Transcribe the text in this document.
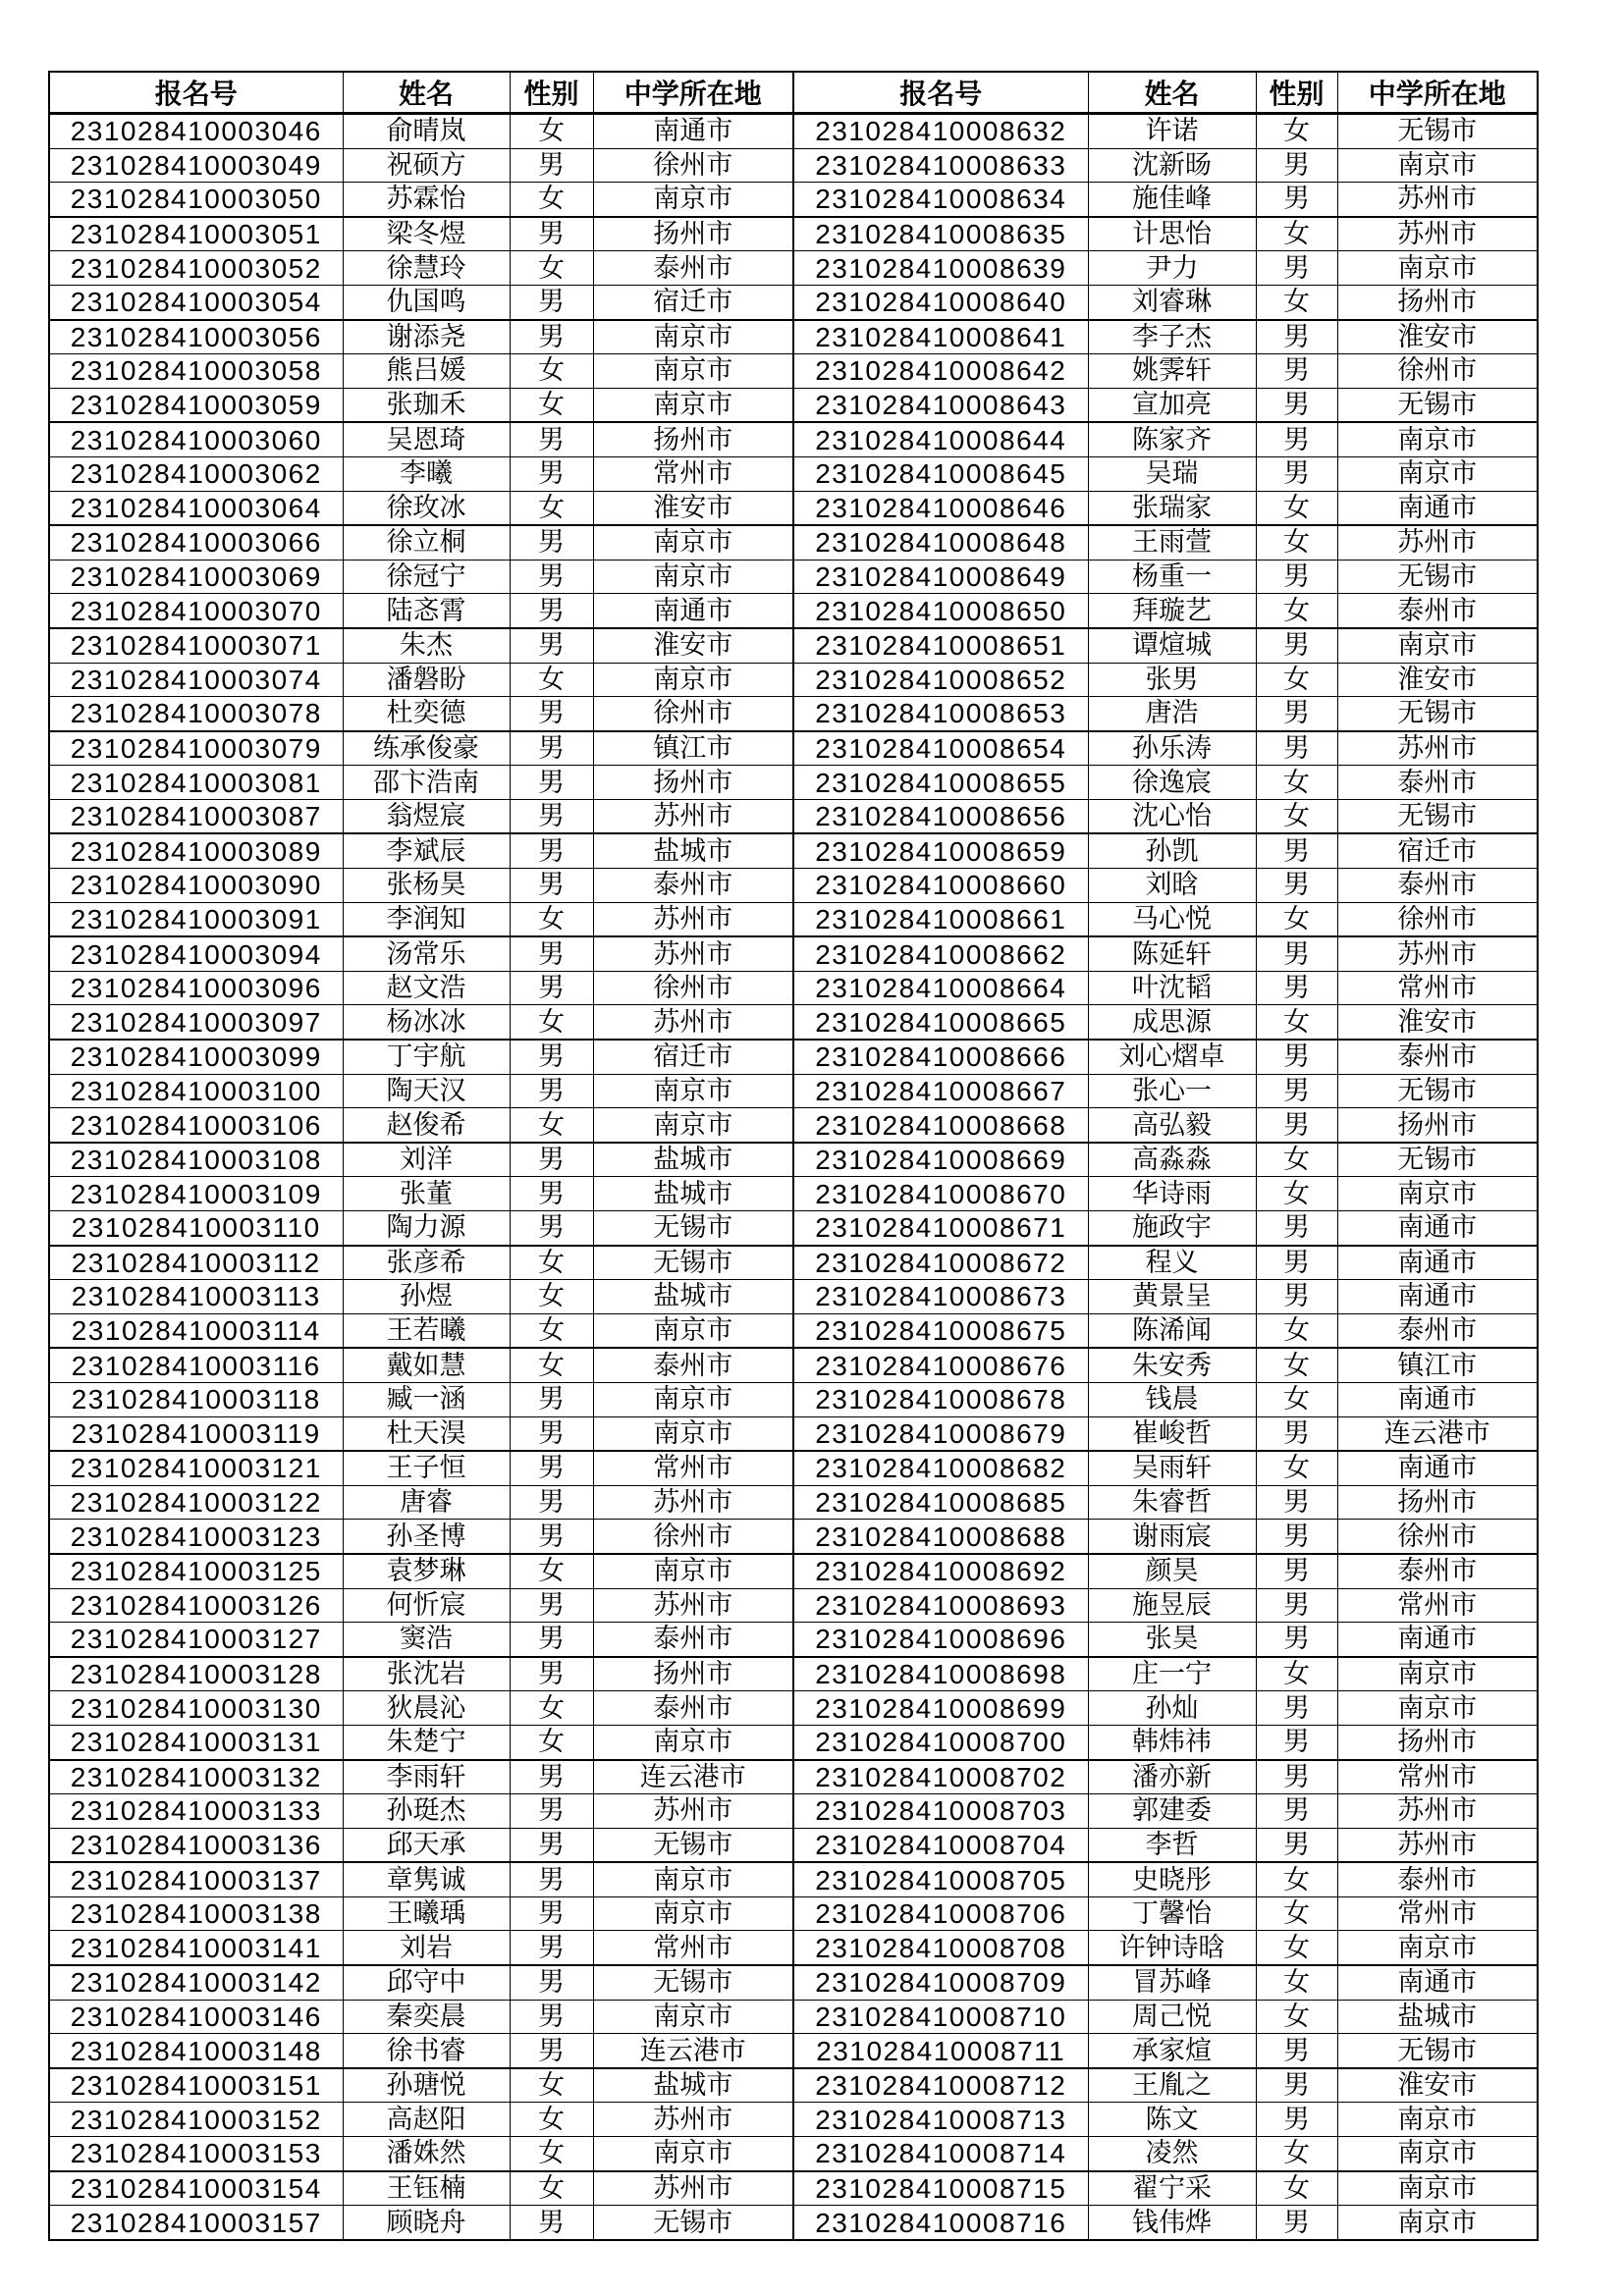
报名号	姓名	性别	中学所在地	报名号	姓名	性别	中学所在地
231028410003046	俞晴岚	女	南通市	231028410008632	许诺	女	无锡市
231028410003049	祝硕方	男	徐州市	231028410008633	沈新旸	男	南京市
231028410003050	苏霖怡	女	南京市	231028410008634	施佳峰	男	苏州市
231028410003051	梁冬煜	男	扬州市	231028410008635	计思怡	女	苏州市
231028410003052	徐慧玲	女	泰州市	231028410008639	尹力	男	南京市
231028410003054	仇国鸣	男	宿迁市	231028410008640	刘睿琳	女	扬州市
231028410003056	谢添尧	男	南京市	231028410008641	李子杰	男	淮安市
231028410003058	熊吕媛	女	南京市	231028410008642	姚霁轩	男	徐州市
231028410003059	张珈禾	女	南京市	231028410008643	宣加亮	男	无锡市
231028410003060	吴恩琦	男	扬州市	231028410008644	陈家齐	男	南京市
231028410003062	李曦	男	常州市	231028410008645	吴瑞	男	南京市
231028410003064	徐玫冰	女	淮安市	231028410008646	张瑞家	女	南通市
231028410003066	徐立桐	男	南京市	231028410008648	王雨萱	女	苏州市
231028410003069	徐冠宁	男	南京市	231028410008649	杨重一	男	无锡市
231028410003070	陆忞霄	男	南通市	231028410008650	拜璇艺	女	泰州市
231028410003071	朱杰	男	淮安市	231028410008651	谭煊城	男	南京市
231028410003074	潘磐盼	女	南京市	231028410008652	张男	女	淮安市
231028410003078	杜奕德	男	徐州市	231028410008653	唐浩	男	无锡市
231028410003079	练承俊豪	男	镇江市	231028410008654	孙乐涛	男	苏州市
231028410003081	邵卞浩南	男	扬州市	231028410008655	徐逸宸	女	泰州市
231028410003087	翁煜宸	男	苏州市	231028410008656	沈心怡	女	无锡市
231028410003089	李斌辰	男	盐城市	231028410008659	孙凯	男	宿迁市
231028410003090	张杨昊	男	泰州市	231028410008660	刘晗	男	泰州市
231028410003091	李润知	女	苏州市	231028410008661	马心悦	女	徐州市
231028410003094	汤常乐	男	苏州市	231028410008662	陈延轩	男	苏州市
231028410003096	赵文浩	男	徐州市	231028410008664	叶沈韬	男	常州市
231028410003097	杨冰冰	女	苏州市	231028410008665	成思源	女	淮安市
231028410003099	丁宇航	男	宿迁市	231028410008666	刘心熠卓	男	泰州市
231028410003100	陶天汉	男	南京市	231028410008667	张心一	男	无锡市
231028410003106	赵俊希	女	南京市	231028410008668	高弘毅	男	扬州市
231028410003108	刘洋	男	盐城市	231028410008669	高淼淼	女	无锡市
231028410003109	张董	男	盐城市	231028410008670	华诗雨	女	南京市
231028410003110	陶力源	男	无锡市	231028410008671	施政宇	男	南通市
231028410003112	张彦希	女	无锡市	231028410008672	程义	男	南通市
231028410003113	孙煜	女	盐城市	231028410008673	黄景呈	男	南通市
231028410003114	王若曦	女	南京市	231028410008675	陈浠闻	女	泰州市
231028410003116	戴如慧	女	泰州市	231028410008676	朱安秀	女	镇江市
231028410003118	臧一涵	男	南京市	231028410008678	钱晨	女	南通市
231028410003119	杜天淏	男	南京市	231028410008679	崔峻哲	男	连云港市
231028410003121	王子恒	男	常州市	231028410008682	吴雨轩	女	南通市
231028410003122	唐睿	男	苏州市	231028410008685	朱睿哲	男	扬州市
231028410003123	孙圣博	男	徐州市	231028410008688	谢雨宸	男	徐州市
231028410003125	袁梦琳	女	南京市	231028410008692	颜昊	男	泰州市
231028410003126	何忻宸	男	苏州市	231028410008693	施昱辰	男	常州市
231028410003127	窦浩	男	泰州市	231028410008696	张昊	男	南通市
231028410003128	张沈岩	男	扬州市	231028410008698	庄一宁	女	南京市
231028410003130	狄晨沁	女	泰州市	231028410008699	孙灿	男	南京市
231028410003131	朱楚宁	女	南京市	231028410008700	韩炜祎	男	扬州市
231028410003132	李雨轩	男	连云港市	231028410008702	潘亦新	男	常州市
231028410003133	孙珽杰	男	苏州市	231028410008703	郭建委	男	苏州市
231028410003136	邱天承	男	无锡市	231028410008704	李哲	男	苏州市
231028410003137	章隽诚	男	南京市	231028410008705	史晓彤	女	泰州市
231028410003138	王曦瑀	男	南京市	231028410008706	丁馨怡	女	常州市
231028410003141	刘岩	男	常州市	231028410008708	许钟诗晗	女	南京市
231028410003142	邱守中	男	无锡市	231028410008709	冒苏峰	女	南通市
231028410003146	秦奕晨	男	南京市	231028410008710	周己悦	女	盐城市
231028410003148	徐书睿	男	连云港市	231028410008711	承家煊	男	无锡市
231028410003151	孙瑭悦	女	盐城市	231028410008712	王胤之	男	淮安市
231028410003152	高赵阳	女	苏州市	231028410008713	陈文	男	南京市
231028410003153	潘姝然	女	南京市	231028410008714	凌然	女	南京市
231028410003154	王钰楠	女	苏州市	231028410008715	翟宁采	女	南京市
231028410003157	顾晓舟	男	无锡市	231028410008716	钱伟烨	男	南京市
